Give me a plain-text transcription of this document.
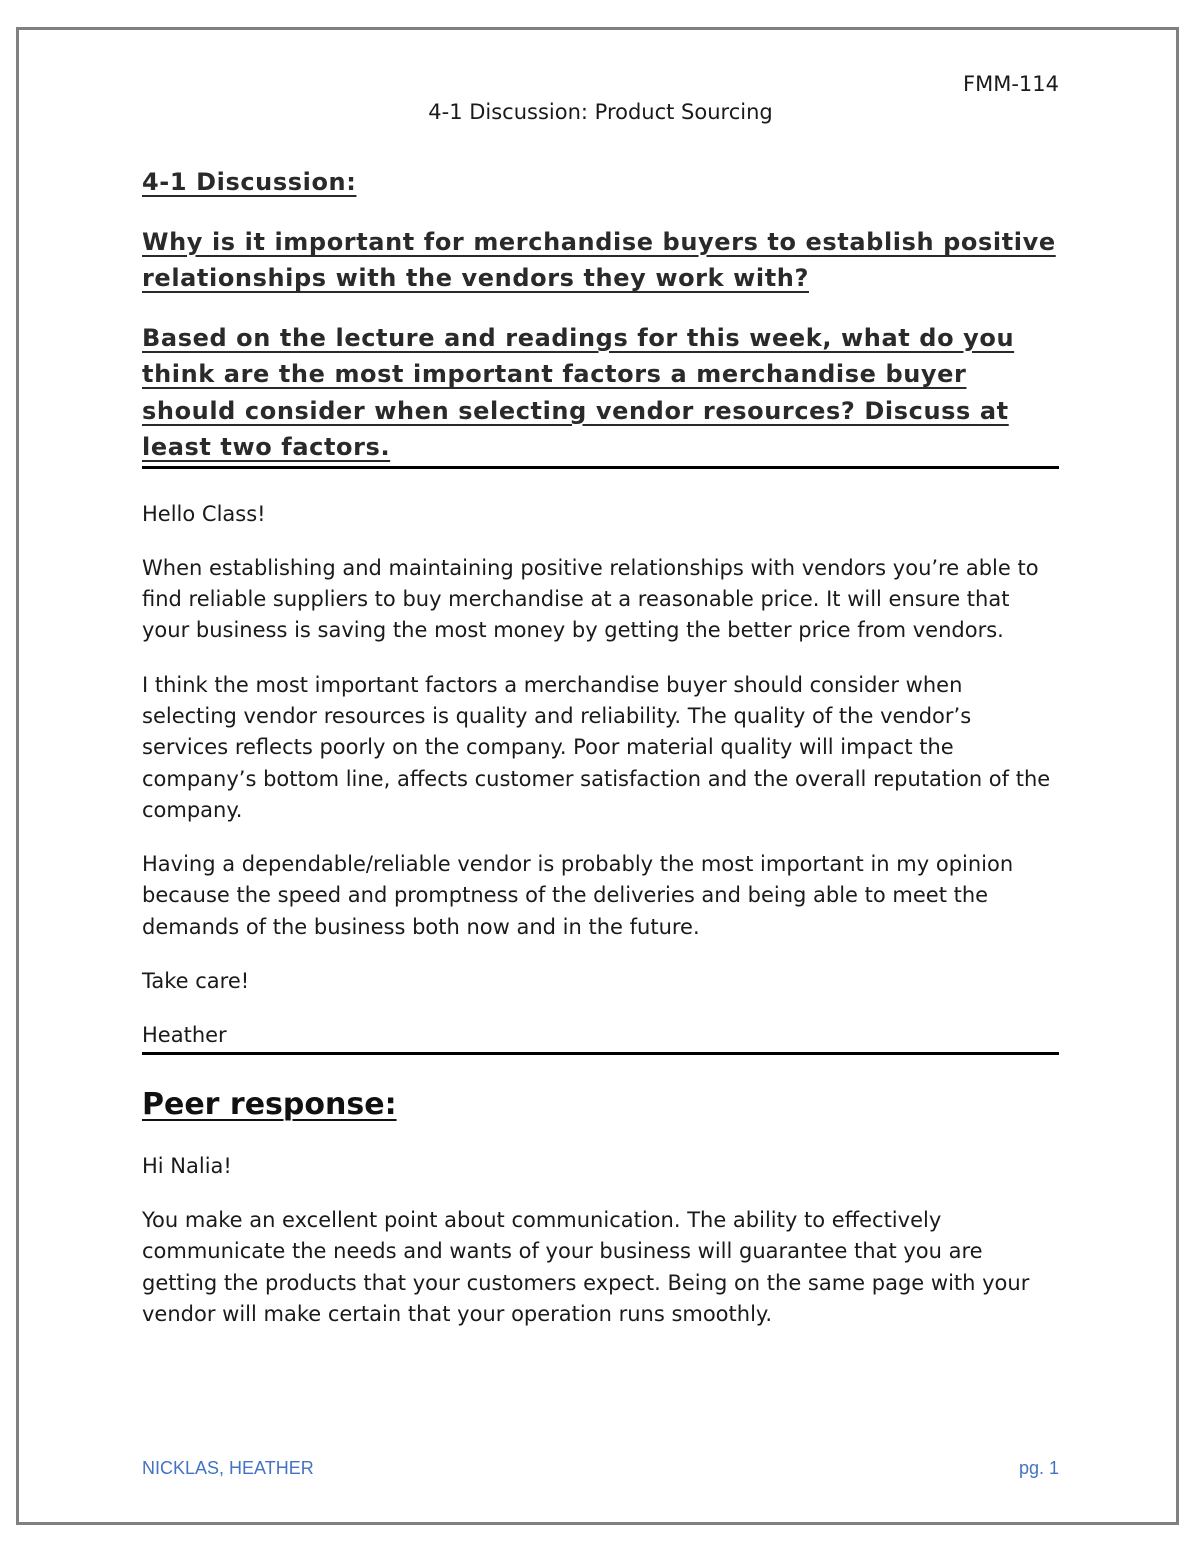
FMM-114

4-1 Discussion: Product Sourcing

4-1 Discussion:

Why is it important for merchandise buyers to establish positive relationships with the vendors they work with?

Based on the lecture and readings for this week, what do you think are the most important factors a merchandise buyer should consider when selecting vendor resources? Discuss at least two factors.

Hello Class!

When establishing and maintaining positive relationships with vendors you’re able to find reliable suppliers to buy merchandise at a reasonable price. It will ensure that your business is saving the most money by getting the better price from vendors.

I think the most important factors a merchandise buyer should consider when selecting vendor resources is quality and reliability. The quality of the vendor’s services reflects poorly on the company. Poor material quality will impact the company’s bottom line, affects customer satisfaction and the overall reputation of the company.

Having a dependable/reliable vendor is probably the most important in my opinion because the speed and promptness of the deliveries and being able to meet the demands of the business both now and in the future.

Take care!

Heather

Peer response:

Hi Nalia!

You make an excellent point about communication. The ability to effectively communicate the needs and wants of your business will guarantee that you are getting the products that your customers expect. Being on the same page with your vendor will make certain that your operation runs smoothly.

NICKLAS, HEATHER	pg. 1
